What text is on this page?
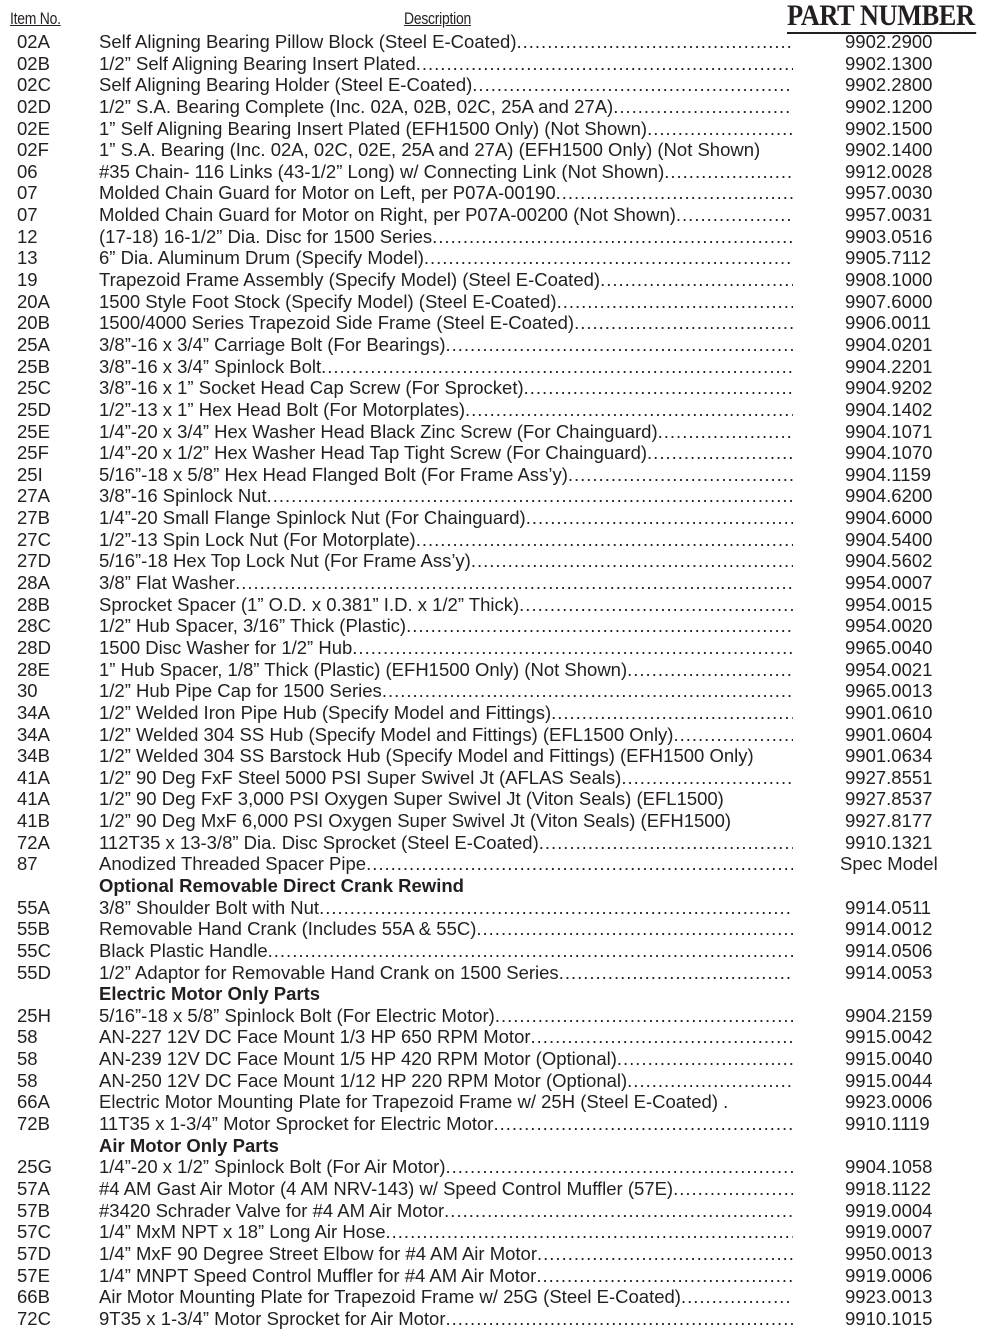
Item No.	Description	PART NUMBER
02A	Self Aligning Bearing Pillow Block (Steel E-Coated) .....	9902.2900
02B	1/2” Self Aligning Bearing Insert Plated .....	9902.1300
02C	Self Aligning Bearing Holder (Steel E-Coated) .....	9902.2800
02D	1/2” S.A. Bearing Complete (Inc. 02A, 02B, 02C, 25A and 27A) .....	9902.1200
02E	1” Self Aligning Bearing Insert Plated (EFH1500 Only) (Not Shown) .....	9902.1500
02F	1” S.A. Bearing (Inc. 02A, 02C, 02E, 25A and 27A) (EFH1500 Only) (Not Shown)	9902.1400
06	#35 Chain- 116 Links (43-1/2” Long) w/ Connecting Link (Not Shown) .....	9912.0028
07	Molded Chain Guard for Motor on Left, per P07A-00190 .....	9957.0030
07	Molded Chain Guard for Motor on Right, per P07A-00200 (Not Shown) .....	9957.0031
12	(17-18) 16-1/2” Dia. Disc for 1500 Series .....	9903.0516
13	6” Dia. Aluminum Drum (Specify Model) .....	9905.7112
19	Trapezoid Frame Assembly (Specify Model) (Steel E-Coated) .....	9908.1000
20A	1500 Style Foot Stock (Specify Model) (Steel E-Coated) .....	9907.6000
20B	1500/4000 Series Trapezoid Side Frame (Steel E-Coated) .....	9906.0011
25A	3/8”-16 x 3/4” Carriage Bolt (For Bearings) .....	9904.0201
25B	3/8”-16 x 3/4” Spinlock Bolt .....	9904.2201
25C	3/8”-16 x 1” Socket Head Cap Screw (For Sprocket) .....	9904.9202
25D	1/2”-13 x 1” Hex Head Bolt (For Motorplates) .....	9904.1402
25E	1/4”-20 x 3/4” Hex Washer Head Black Zinc Screw (For Chainguard) .....	9904.1071
25F	1/4”-20 x 1/2” Hex Washer Head Tap Tight Screw (For Chainguard) .....	9904.1070
25I	5/16”-18 x 5/8” Hex Head Flanged Bolt (For Frame Ass’y) .....	9904.1159
27A	3/8”-16 Spinlock Nut .....	9904.6200
27B	1/4”-20 Small Flange Spinlock Nut (For Chainguard) .....	9904.6000
27C	1/2”-13 Spin Lock Nut (For Motorplate) .....	9904.5400
27D	5/16”-18 Hex Top Lock Nut (For Frame Ass’y) .....	9904.5602
28A	3/8” Flat Washer .....	9954.0007
28B	Sprocket Spacer (1” O.D. x 0.381” I.D. x 1/2” Thick) .....	9954.0015
28C	1/2” Hub Spacer, 3/16” Thick (Plastic) .....	9954.0020
28D	1500 Disc Washer for 1/2” Hub .....	9965.0040
28E	1” Hub Spacer, 1/8” Thick (Plastic) (EFH1500 Only) (Not Shown) .....	9954.0021
30	1/2” Hub Pipe Cap for 1500 Series .....	9965.0013
34A	1/2” Welded Iron Pipe Hub (Specify Model and Fittings) .....	9901.0610
34A	1/2” Welded 304 SS Hub (Specify Model and Fittings) (EFL1500 Only) .....	9901.0604
34B	1/2” Welded 304 SS Barstock Hub (Specify Model and Fittings) (EFH1500 Only)	9901.0634
41A	1/2” 90 Deg FxF Steel 5000 PSI Super Swivel Jt (AFLAS Seals) .....	9927.8551
41A	1/2” 90 Deg FxF 3,000 PSI Oxygen Super Swivel Jt (Viton Seals) (EFL1500)	9927.8537
41B	1/2” 90 Deg MxF 6,000 PSI Oxygen Super Swivel Jt (Viton Seals) (EFH1500)	9927.8177
72A	112T35 x 13-3/8” Dia. Disc Sprocket (Steel E-Coated) .....	9910.1321
87	Anodized Threaded Spacer Pipe .....	Spec Model
Optional Removable Direct Crank Rewind
55A	3/8” Shoulder Bolt with Nut .....	9914.0511
55B	Removable Hand Crank (Includes 55A & 55C) .....	9914.0012
55C	Black Plastic Handle .....	9914.0506
55D	1/2” Adaptor for Removable Hand Crank on 1500 Series .....	9914.0053
Electric Motor Only Parts
25H	5/16”-18 x 5/8” Spinlock Bolt (For Electric Motor) .....	9904.2159
58	AN-227 12V DC Face Mount 1/3 HP 650 RPM Motor .....	9915.0042
58	AN-239 12V DC Face Mount 1/5 HP 420 RPM Motor (Optional) .....	9915.0040
58	AN-250 12V DC Face Mount 1/12 HP 220 RPM Motor (Optional) .....	9915.0044
66A	Electric Motor Mounting Plate for Trapezoid Frame w/ 25H (Steel E-Coated) .	9923.0006
72B	11T35 x 1-3/4” Motor Sprocket for Electric Motor .....	9910.1119
Air Motor Only Parts
25G	1/4”-20 x 1/2” Spinlock Bolt (For Air Motor) .....	9904.1058
57A	#4 AM Gast Air Motor (4 AM NRV-143) w/ Speed Control Muffler (57E) .....	9918.1122
57B	#3420 Schrader Valve for #4 AM Air Motor .....	9919.0004
57C	1/4” MxM NPT x 18” Long Air Hose .....	9919.0007
57D	1/4” MxF 90 Degree Street Elbow for #4 AM Air Motor .....	9950.0013
57E	1/4” MNPT Speed Control Muffler for #4 AM Air Motor .....	9919.0006
66B	Air Motor Mounting Plate for Trapezoid Frame w/ 25G (Steel E-Coated) .....	9923.0013
72C	9T35 x 1-3/4” Motor Sprocket for Air Motor .....	9910.1015
